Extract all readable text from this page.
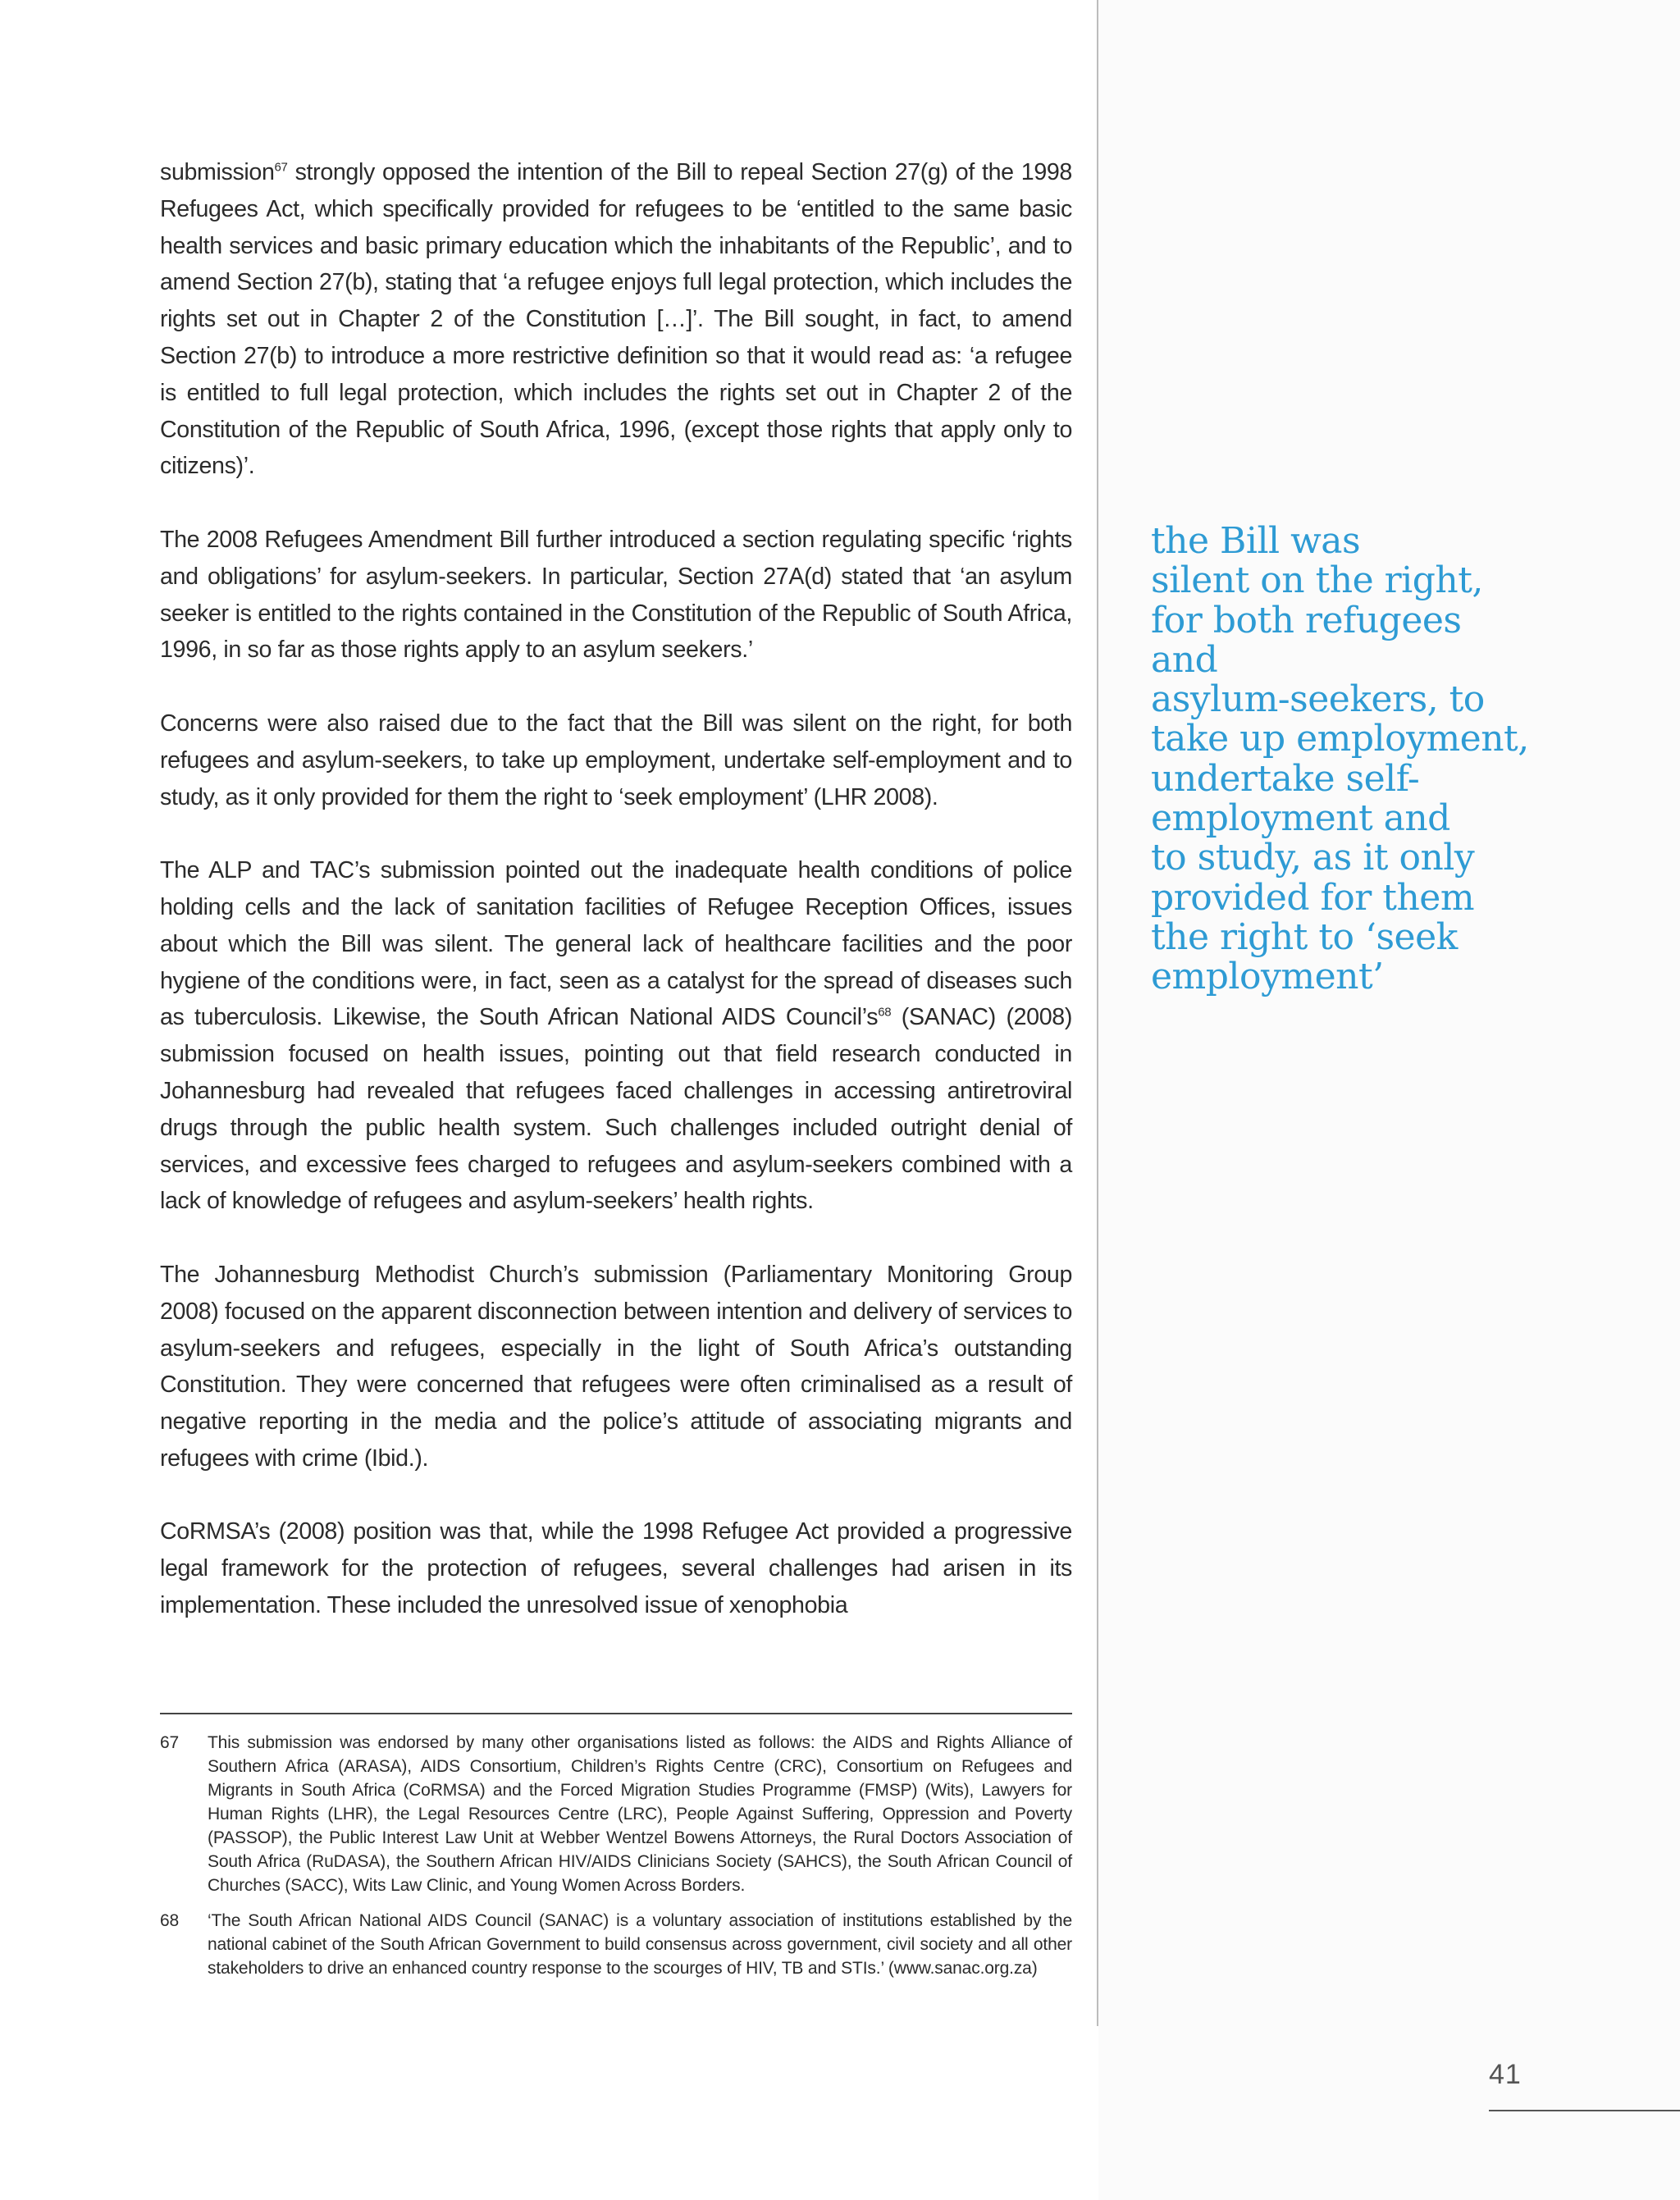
submission$^{67}$ strongly opposed the intention of the Bill to repeal Section 27(g) of the 1998 Refugees Act, which specifically provided for refugees to be ‘entitled to the same basic health services and basic primary education which the inhabitants of the Republic’, and to amend Section 27(b), stating that ‘a refugee enjoys full legal protection, which includes the rights set out in Chapter 2 of the Constitution […]’. The Bill sought, in fact, to amend Section 27(b) to introduce a more restrictive definition so that it would read as: ‘a refugee is entitled to full legal protection, which includes the rights set out in Chapter 2 of the Constitution of the Republic of South Africa, 1996, (except those rights that apply only to citizens)’.

The 2008 Refugees Amendment Bill further introduced a section regulating specific ‘rights and obligations’ for asylum-seekers. In particular, Section 27A(d) stated that ‘an asylum seeker is entitled to the rights contained in the Constitution of the Republic of South Africa, 1996, in so far as those rights apply to an asylum seekers.’

Concerns were also raised due to the fact that the Bill was silent on the right, for both refugees and asylum-seekers, to take up employment, undertake self-employment and to study, as it only provided for them the right to ‘seek employment’ (LHR 2008).

The ALP and TAC’s submission pointed out the inadequate health conditions of police holding cells and the lack of sanitation facilities of Refugee Reception Offices, issues about which the Bill was silent. The general lack of healthcare facilities and the poor hygiene of the conditions were, in fact, seen as a catalyst for the spread of diseases such as tuberculosis. Likewise, the South African National AIDS $Council’s^{68}$ (SANAC) (2008) submission focused on health issues, pointing out that field research conducted in Johannesburg had revealed that refugees faced challenges in accessing antiretroviral drugs through the public health system. Such challenges included outright denial of services, and excessive fees charged to refugees and asylum-seekers combined with a lack of knowledge of refugees and asylum-seekers’ health rights.

The Johannesburg Methodist Church’s submission (Parliamentary Monitoring Group 2008) focused on the apparent disconnection between intention and delivery of services to asylum-seekers and refugees, especially in the light of South Africa’s outstanding Constitution. They were concerned that refugees were often criminalised as a result of negative reporting in the media and the police’s attitude of associating migrants and refugees with crime (Ibid.).

CoRMSA’s (2008) position was that, while the 1998 Refugee Act provided a progressive legal framework for the protection of refugees, several challenges had arisen in its implementation. These included the unresolved issue of xenophobia

67	This submission was endorsed by many other organisations listed as follows: the AIDS and Rights Alliance of Southern Africa (ARASA), AIDS Consortium, Children’s Rights Centre (CRC), Consortium on Refugees and Migrants in South Africa (CoRMSA) and the Forced Migration Studies Programme (FMSP) (Wits), Lawyers for Human Rights (LHR), the Legal Resources Centre (LRC), People Against Suffering, Oppression and Poverty (PASSOP), the Public Interest Law Unit at Webber Wentzel Bowens Attorneys, the Rural Doctors Association of South Africa (RuDASA), the Southern African HIV/AIDS Clinicians Society (SAHCS), the South African Council of Churches (SACC), Wits Law Clinic, and Young Women Across Borders.
68	‘The South African National AIDS Council (SANAC) is a voluntary association of institutions established by the national cabinet of the South African Government to build consensus across government, civil society and all other stakeholders to drive an enhanced country response to the scourges of HIV, TB and STIs.’ (www.sanac.org.za)
the Bill was
silent on the right,
for both refugees and
asylum-seekers, to
take up employment,
undertake self-
employment and
to study, as it only
provided for them
the right to ‘seek
employment’
41
